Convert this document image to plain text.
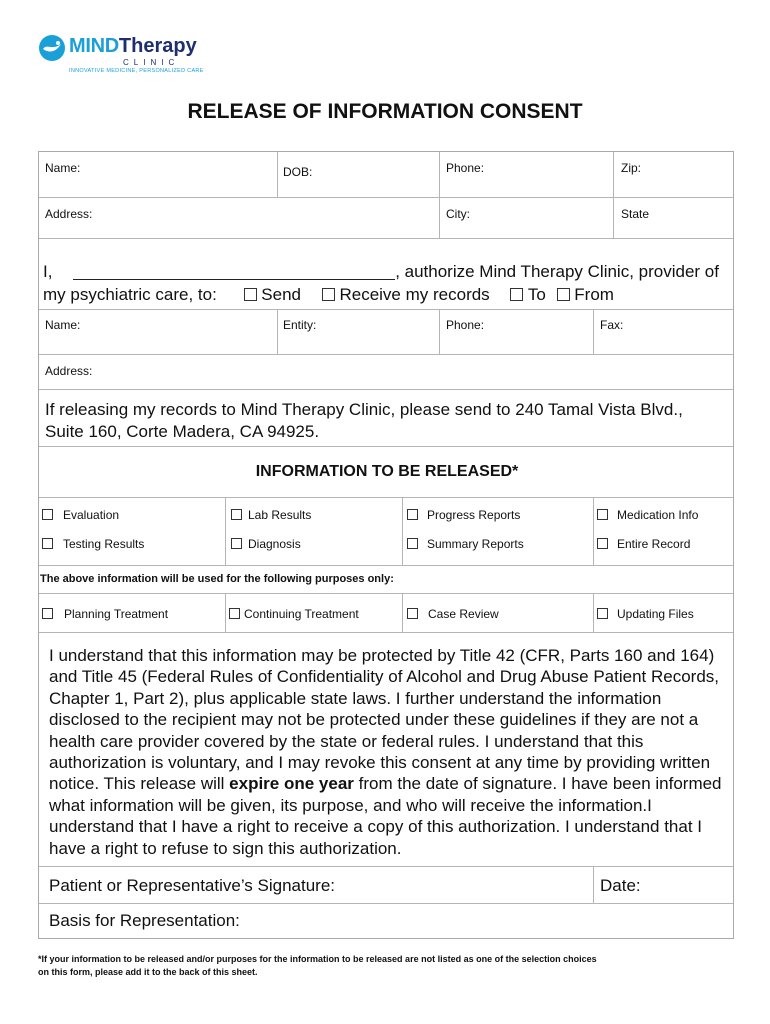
MINDTherapy
CLINIC
INNOVATIVE MEDICINE, PERSONALIZED CARE
RELEASE OF INFORMATION CONSENT
Name:	DOB:	Phone:	Zip:
Address:	City:	State
I,	, authorize Mind Therapy Clinic, provider of
my psychiatric care, to:	Send Receive my records To From
Name:	Entity:	Phone:	Fax:
Address:
If releasing my records to Mind Therapy Clinic, please send to 240 Tamal Vista Blvd.,
Suite 160, Corte Madera, CA 94925.
INFORMATION TO BE RELEASED*
Evaluation	Lab Results	Progress Reports	Medication Info
Testing Results	Diagnosis	Summary Reports	Entire Record
The above information will be used for the following purposes only:
Planning Treatment	Continuing Treatment	Case Review	Updating Files
I understand that this information may be protected by Title 42 (CFR, Parts 160 and 164) and Title 45 (Federal Rules of Confidentiality of Alcohol and Drug Abuse Patient Records, Chapter 1, Part 2), plus applicable state laws. I further understand the information disclosed to the recipient may not be protected under these guidelines if they are not a health care provider covered by the state or federal rules. I understand that this authorization is voluntary, and I may revoke this consent at any time by providing written notice. This release will expire one year from the date of signature. I have been informed what information will be given, its purpose, and who will receive the information.I understand that I have a right to receive a copy of this authorization. I understand that I have a right to refuse to sign this authorization.
Patient or Representative’s Signature:	Date:
Basis for Representation:
*If your information to be released and/or purposes for the information to be released are not listed as one of the selection choices
on this form, please add it to the back of this sheet.
